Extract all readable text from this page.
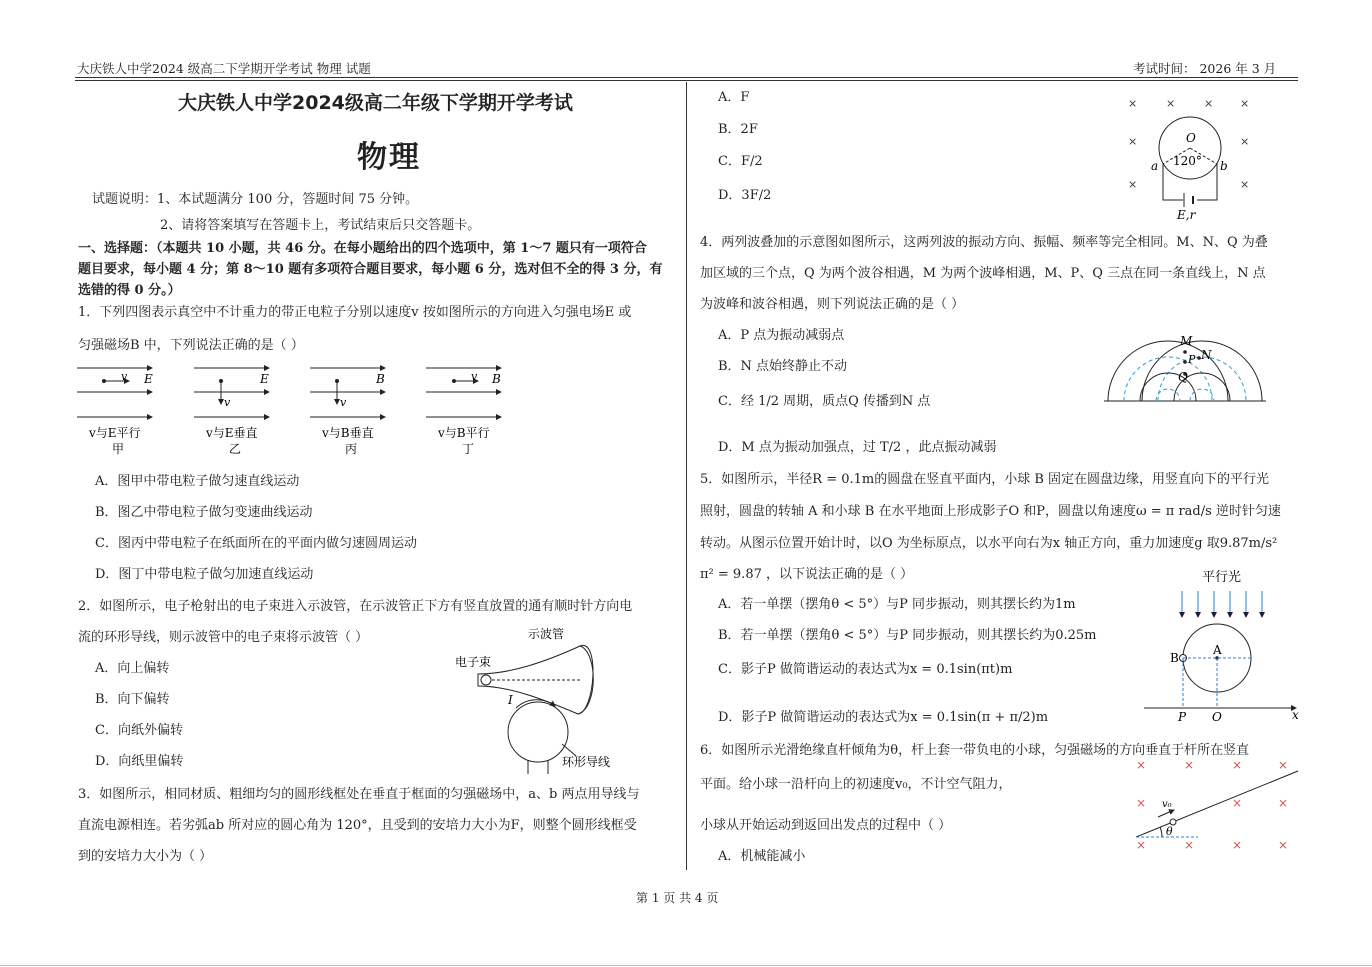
大庆铁人中学2024 级高二下学期开学考试 物理 试题	考试时间： 2026 年 3 月
大庆铁人中学2024级高二年级下学期开学考试
物理
试题说明：1、本试题满分 100 分，答题时间 75 分钟。
2、请将答案填写在答题卡上，考试结束后只交答题卡。
一、选择题：（本题共 10 小题，共 46 分。在每小题给出的四个选项中，第 1～7 题只有一项符合
题目要求，每小题 4 分；第 8～10 题有多项符合题目要求，每小题 6 分，选对但不全的得 3 分，有
选错的得 0 分。）
1．下列四图表示真空中不计重力的带正电粒子分别以速度v 按如图所示的方向进入匀强电场E 或
匀强磁场B 中，下列说法正确的是（ ）
v E
v与E平行
甲
v
E
v与E垂直
乙
v
B
v与B垂直
丙
v B
v与B平行
丁
A．图甲中带电粒子做匀速直线运动
B．图乙中带电粒子做匀变速曲线运动
C．图丙中带电粒子在纸面所在的平面内做匀速圆周运动
D．图丁中带电粒子做匀加速直线运动
2．如图所示，电子枪射出的电子束进入示波管，在示波管正下方有竖直放置的通有顺时针方向电
流的环形导线，则示波管中的电子束将示波管（ ）
A．向上偏转
B．向下偏转
C．向纸外偏转
D．向纸里偏转
示波管
电子束
I
环形导线
3．如图所示，相同材质、粗细均匀的圆形线框处在垂直于框面的匀强磁场中，a、b 两点用导线与
直流电源相连。若劣弧ab 所对应的圆心角为 120°，且受到的安培力大小为F，则整个圆形线框受
到的安培力大小为（ ）
A．F
B．2F
C．F/2
D．3F/2
×	×	× ×
×	×
×	×
O
120°
a	b
E,r
4．两列波叠加的示意图如图所示，这两列波的振动方向、振幅、频率等完全相同。M、N、Q 为叠
加区域的三个点，Q 为两个波谷相遇，M 为两个波峰相遇，M、P、Q 三点在同一条直线上，N 点
为波峰和波谷相遇，则下列说法正确的是（ ）
A．P 点为振动减弱点
B．N 点始终静止不动
C．经 1/2 周期，质点Q 传播到N 点
D．M 点为振动加强点，过 T/2 ，此点振动减弱
M
N
P
Q
5．如图所示，半径R = 0.1m的圆盘在竖直平面内，小球 B 固定在圆盘边缘，用竖直向下的平行光
照射，圆盘的转轴 A 和小球 B 在水平地面上形成影子O 和P，圆盘以角速度ω = π rad/s 逆时针匀速
转动。从图示位置开始计时，以O 为坐标原点，以水平向右为x 轴正方向，重力加速度g 取9.87m/s²
π² = 9.87 ，以下说法正确的是（ ）
A．若一单摆（摆角θ < 5°）与P 同步振动，则其摆长约为1m
B．若一单摆（摆角θ < 5°）与P 同步振动，则其摆长约为0.25m
C．影子P 做简谐运动的表达式为x = 0.1sin(πt)m
D．影子P 做简谐运动的表达式为x = 0.1sin(π + π/2)m
平行光
A
B
P O	x
6．如图所示光滑绝缘直杆倾角为θ，杆上套一带负电的小球，匀强磁场的方向垂直于杆所在竖直
平面。给小球一沿杆向上的初速度v₀，不计空气阻力，
小球从开始运动到返回出发点的过程中（ ）
A．机械能减小
×	×	×	×
×	×	×
×	×	×	×
v₀
θ
第 1 页 共 4 页
